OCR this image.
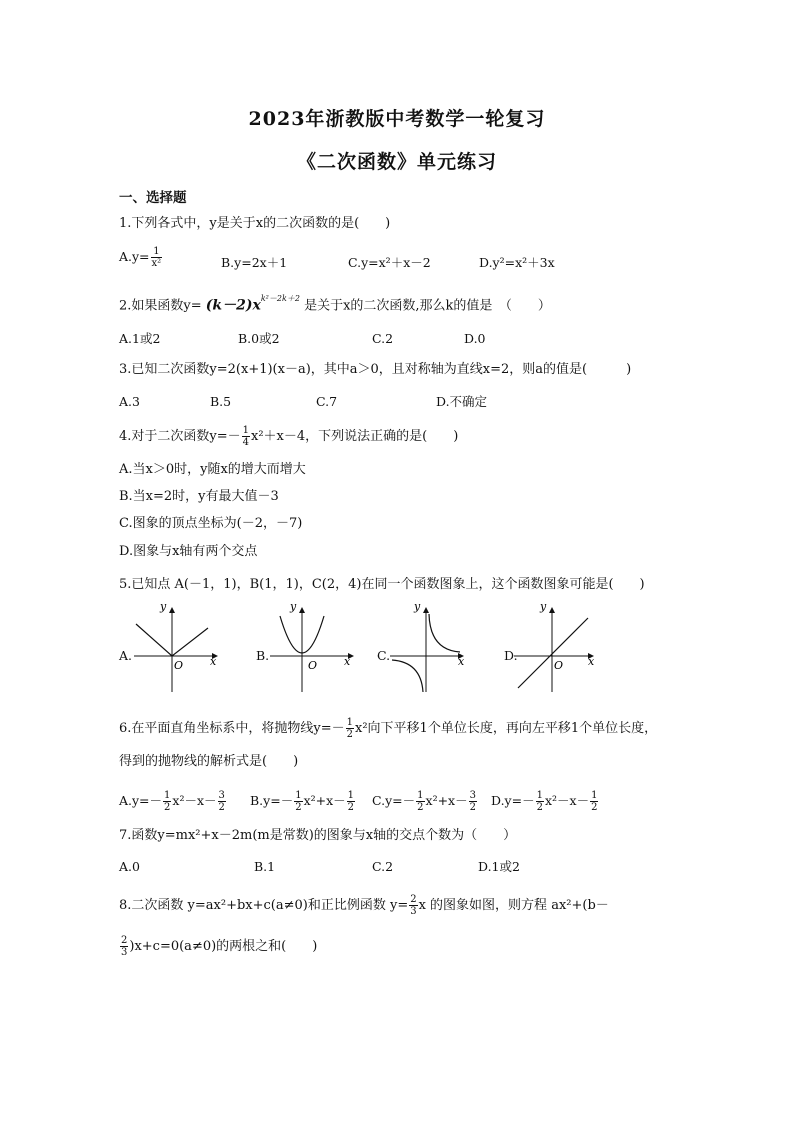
2023年浙教版中考数学一轮复习
《二次函数》单元练习
一、选择题
1.下列各式中，y是关于x的二次函数的是(　　)
$A.y= \frac{1}{\text{x²}}$	B.y=2x＋1	C.y=x²＋x－2	D.y²=x²＋3x
2.如果函数$y= (k-2)x^{k^2-2k+2}$ 是关于x的二次函数,那么k的值是　（　　）
A.1或2	B.0或2	C.2	D.0
3.已知二次函数y=2(x+1)(x－a)，其中a＞0，且对称轴为直线x=2，则a的值是(　　　)
A.3	B.5	C.7	D.不确定
4.对于二次函数$y=- \frac{1}{4} x^2+x-4$，下列说法正确的是(　　)
A.当x＞0时，y随x的增大而增大
B.当x=2时，y有最大值－3
C.图象的顶点坐标为(－2，－7)
D.图象与x轴有两个交点
5.已知点 A(－1，1)，B(1，1)，C(2，4)在同一个函数图象上，这个函数图象可能是(　　)
A.
y
x
O
B.
y
x
O
C.
y
x	D.
y
x
O
6.在平面直角坐标系中，将抛物线$y=- \frac{1}{2} x^2$向下平移1个单位长度，再向左平移1个单位长度，
得到的抛物线的解析式是(　　)
$A.y=- \frac{1}{2} x^2-x- \frac{3}{2} B.y=- \frac{1}{2} x^2+x- \frac{1}{2} C.y=- \frac{1}{2} x^2+x- \frac{3}{2} D.y=- \frac{1}{2} x^2-x- \frac{1}{2}$
7.函数y=mx²+x－2m(m是常数)的图象与x轴的交点个数为（　　）
A.0	B.1	C.2	D.1或2
8.二次函数 y=ax²+bx+c(a≠0)和正比例函数 $y= \frac{2}{3}$ x 的图象如图，则方程 ax²+(b－
$\frac{2}{3} )x+c=0(a\ne 0)$的两根之和(　　)
